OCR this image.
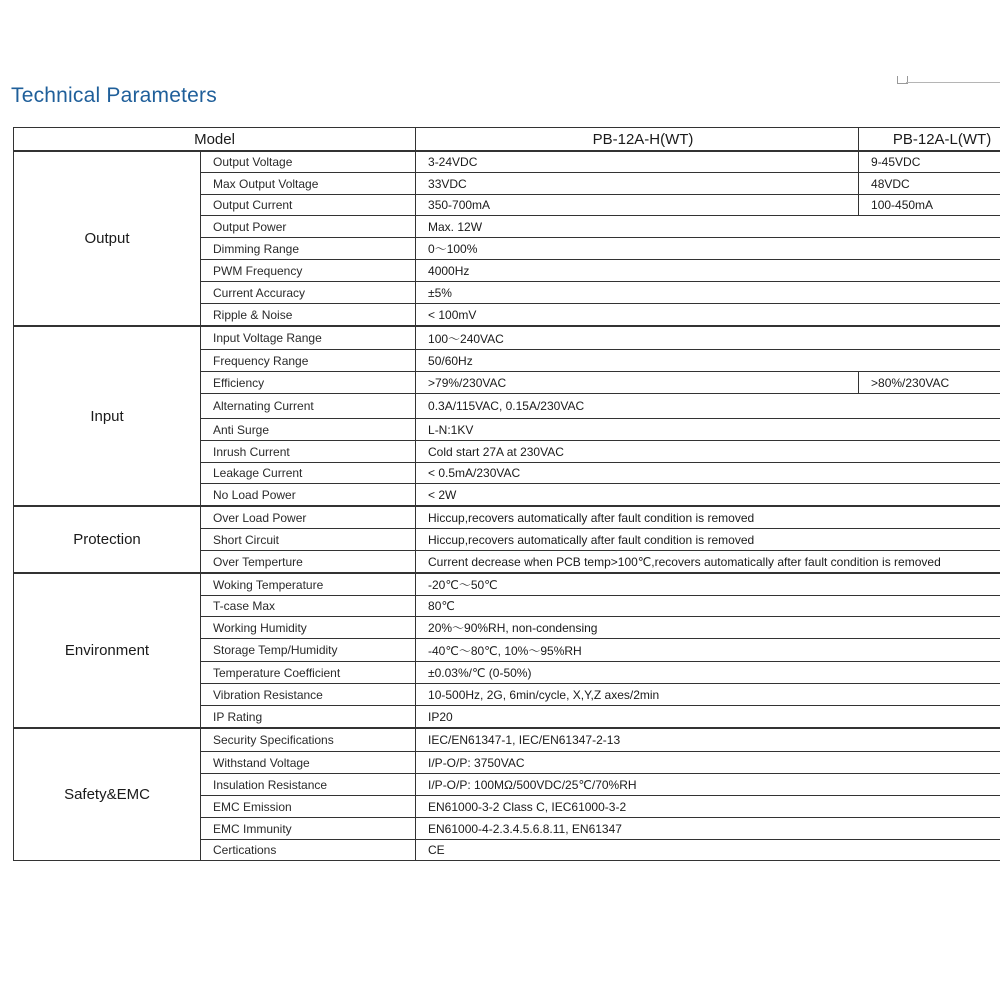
Technical Parameters
Model		PB-12A-H(WT)	PB-12A-L(WT)
Output	Output Voltage	3-24VDC	9-45VDC
	Max Output Voltage	33VDC	48VDC
	Output Current	350-700mA	100-450mA
	Output Power	Max. 12W	
	Dimming Range	0～100%	
	PWM Frequency	4000Hz	
	Current Accuracy	±5%	
	Ripple & Noise	< 100mV	
Input	Input Voltage Range	100～240VAC	
	Frequency Range	50/60Hz	
	Efficiency	>79%/230VAC	>80%/230VAC
	Alternating Current	0.3A/115VAC, 0.15A/230VAC	
	Anti Surge	L-N:1KV	
	Inrush Current	Cold start 27A at 230VAC	
	Leakage Current	< 0.5mA/230VAC	
	No Load Power	< 2W	
Protection	Over Load Power	Hiccup,recovers automatically after fault condition is removed	
	Short Circuit	Hiccup,recovers automatically after fault condition is removed	
	Over Temperture	Current decrease when PCB temp>100℃,recovers automatically after fault condition is removed	
Environment	Woking Temperature	-20℃～50℃	
	T-case Max	80℃	
	Working Humidity	20%～90%RH, non-condensing	
	Storage Temp/Humidity	-40℃～80℃, 10%～95%RH	
	Temperature Coefficient	±0.03%/℃ (0-50%)	
	Vibration Resistance	10-500Hz, 2G, 6min/cycle, X,Y,Z axes/2min	
	IP Rating	IP20	
Safety&EMC	Security Specifications	IEC/EN61347-1, IEC/EN61347-2-13	
	Withstand Voltage	I/P-O/P: 3750VAC	
	Insulation Resistance	I/P-O/P: 100MΩ/500VDC/25℃/70%RH	
	EMC Emission	EN61000-3-2 Class C, IEC61000-3-2	
	EMC Immunity	EN61000-4-2.3.4.5.6.8.11, EN61347	
	Certications	CE	
